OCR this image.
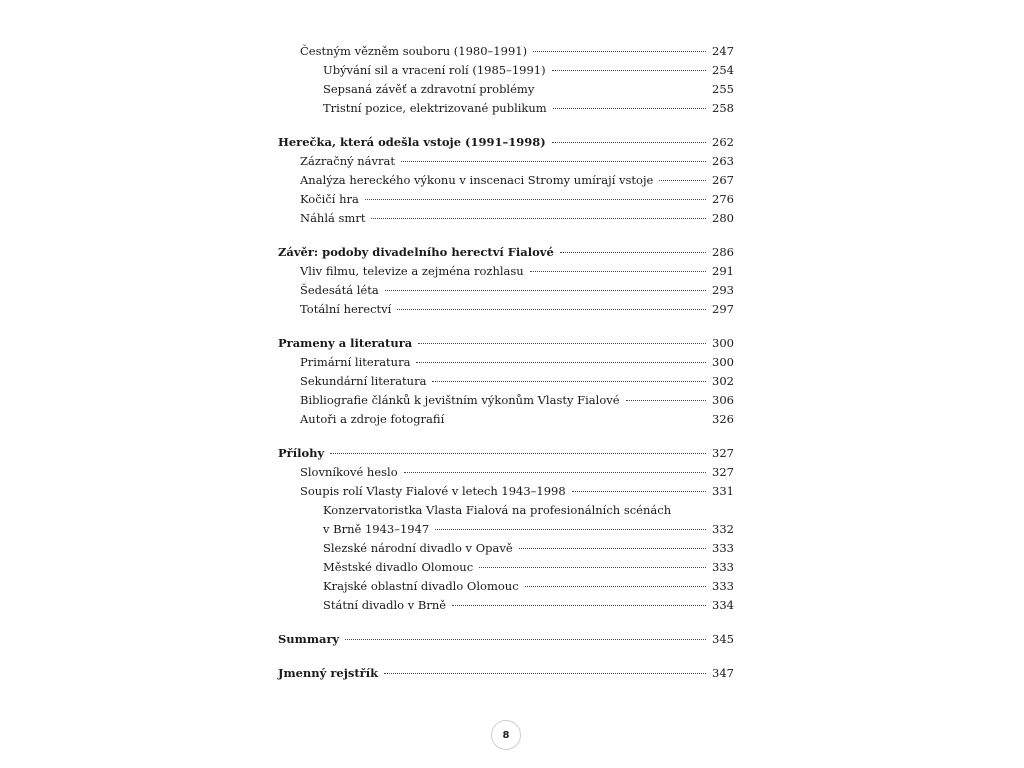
Čestným vězněm souboru (1980–1991)	247
Ubývání sil a vracení rolí (1985–1991)	254
Sepsaná závěť a zdravotní problémy	255
Tristní pozice, elektrizované publikum	258
Herečka, která odešla vstoje (1991–1998)	262
Zázračný návrat	263
Analýza hereckého výkonu v inscenaci Stromy umírají vstoje	267
Kočičí hra	276
Náhlá smrt	280
Závěr: podoby divadelního herectví Fialové	286
Vliv filmu, televize a zejména rozhlasu	291
Šedesátá léta	293
Totální herectví	297
Prameny a literatura	300
Primární literatura	300
Sekundární literatura	302
Bibliografie článků k jevištním výkonům Vlasty Fialové	306
Autoři a zdroje fotografií	326
Přílohy	327
Slovníkové heslo	327
Soupis rolí Vlasty Fialové v letech 1943–1998	331
Konzervatoristka Vlasta Fialová na profesionálních scénách
v Brně 1943–1947	332
Slezské národní divadlo v Opavě	333
Městské divadlo Olomouc	333
Krajské oblastní divadlo Olomouc	333
Státní divadlo v Brně	334
Summary	345
Jmenný rejstřík	347
8
